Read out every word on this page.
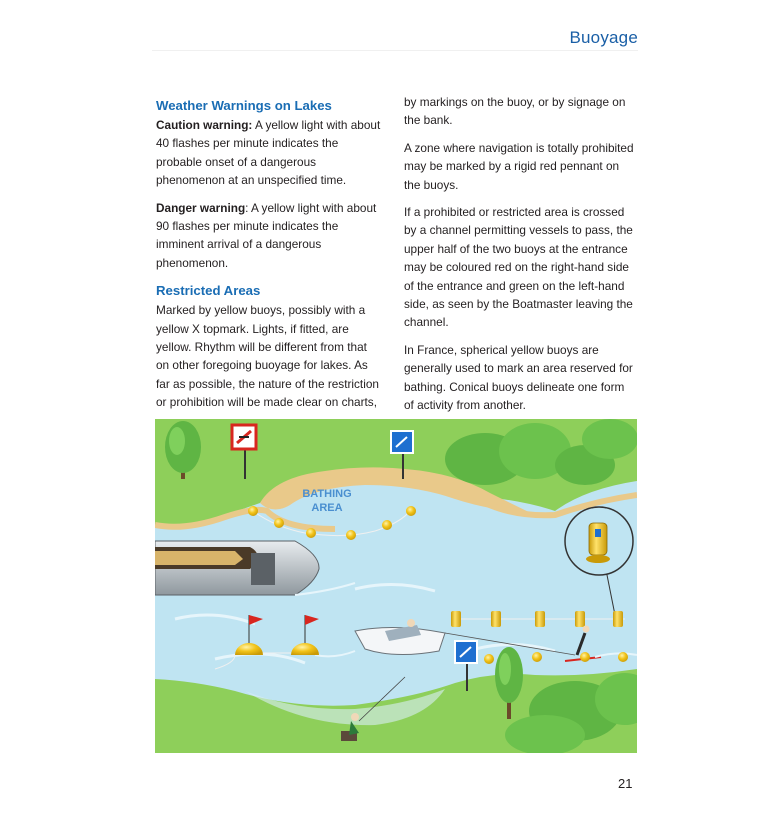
Buoyage
Weather Warnings on Lakes

Caution warning: A yellow light with about 40 flashes per minute indicates the probable onset of a dangerous phenomenon at an unspecified time.

Danger warning: A yellow light with about 90 flashes per minute indicates the imminent arrival of a dangerous phenomenon.

Restricted Areas

Marked by yellow buoys, possibly with a yellow X topmark. Lights, if fitted, are yellow. Rhythm will be different from that on other foregoing buoyage for lakes. As far as possible, the nature of the restriction or prohibition will be made clear on charts,

by markings on the buoy, or by signage on the bank.

A zone where navigation is totally prohibited may be marked by a rigid red pennant on the buoys.

If a prohibited or restricted area is crossed by a channel permitting vessels to pass, the upper half of the two buoys at the entrance may be coloured red on the right-hand side of the entrance and green on the left-hand side, as seen by the Boatmaster leaving the channel.

In France, spherical yellow buoys are generally used to mark an area reserved for bathing. Conical buoys delineate one form of activity from another.

BATHING
AREA
21
